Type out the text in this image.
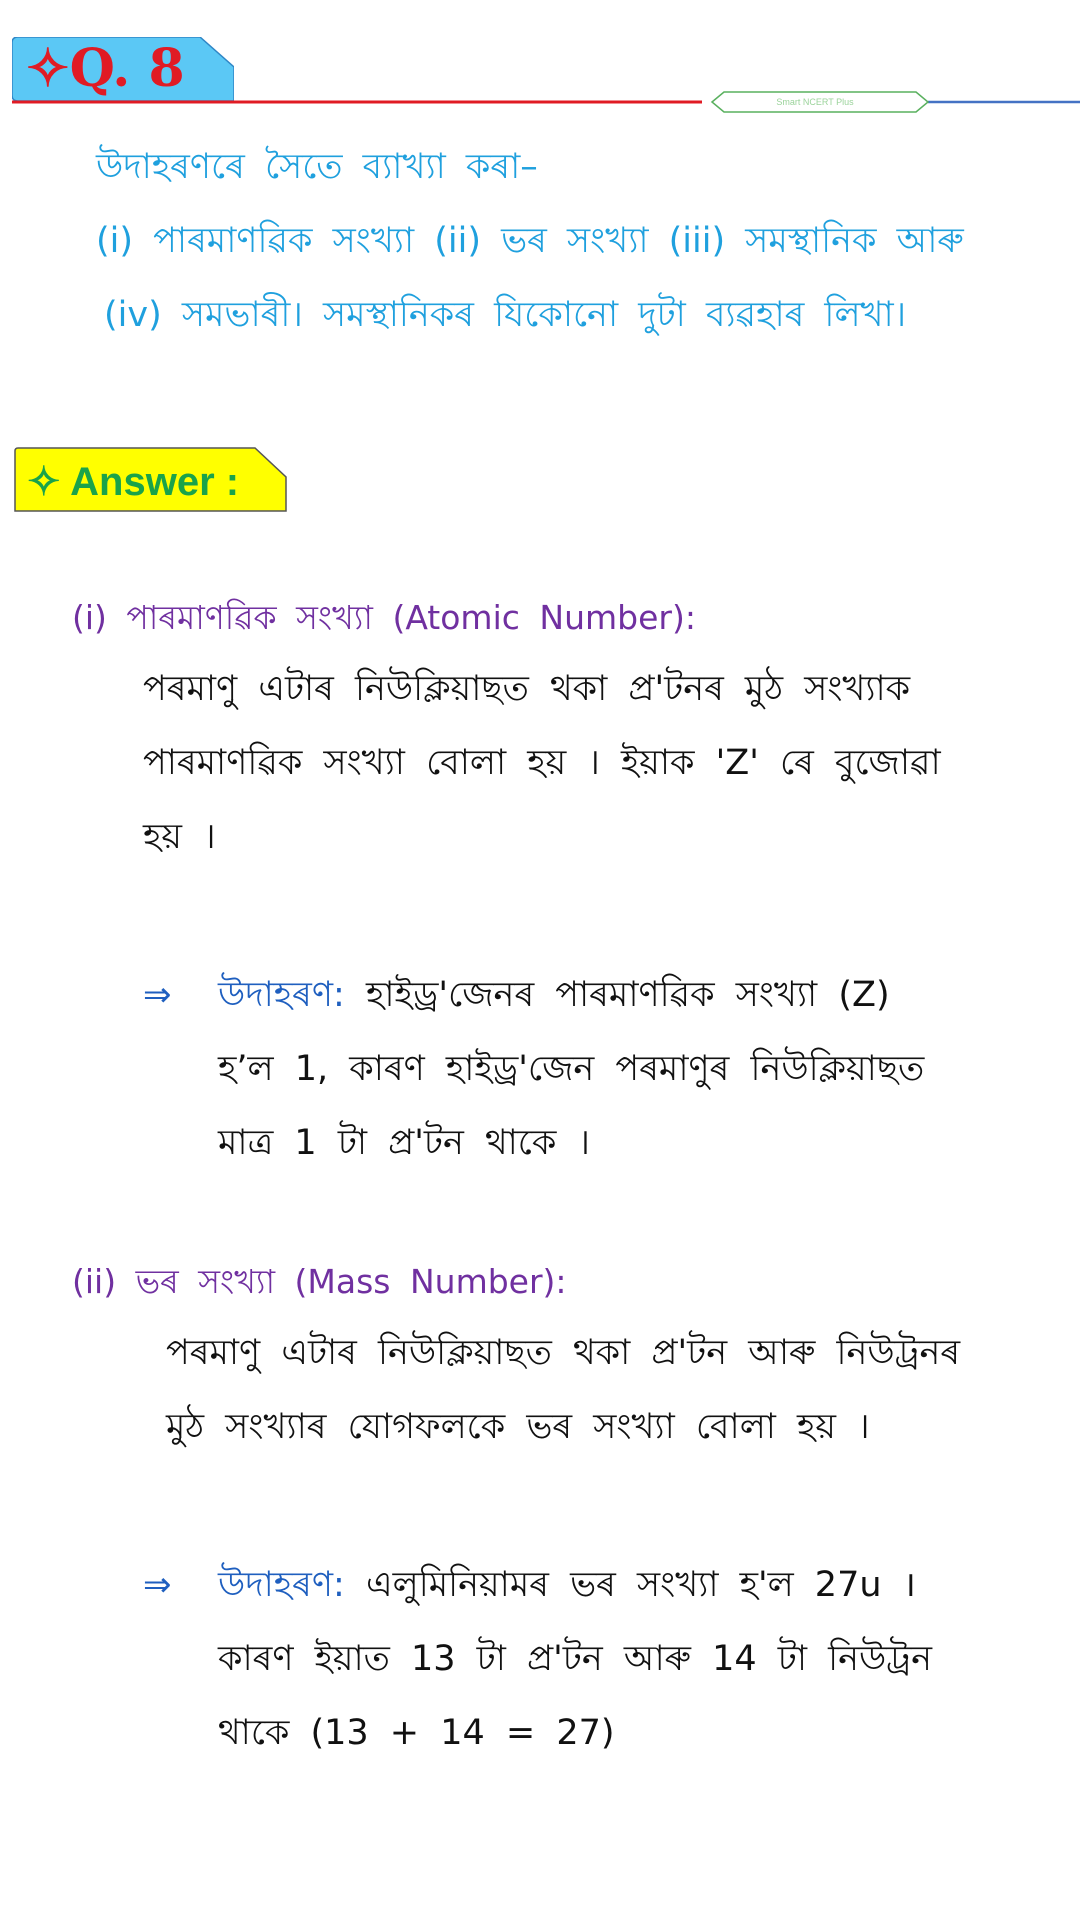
✧Q. 8
Smart NCERT Plus
উদাহৰণৰে সৈতে ব্যাখ্যা কৰা–
(i) পাৰমাণৱিক সংখ্যা (ii) ভৰ সংখ্যা (iii) সমস্থানিক আৰু
(iv) সমভাৰী। সমস্থানিকৰ যিকোনো দুটা ব্যৱহাৰ লিখা।
✧ Answer :
(i) পাৰমাণৱিক সংখ্যা (Atomic Number):
পৰমাণু এটাৰ নিউক্লিয়াছত থকা প্ৰ'টনৰ মুঠ সংখ্যাক
পাৰমাণৱিক সংখ্যা বোলা হয় । ইয়াক 'Z' ৰে বুজোৱা
হয় ।
⇒ উদাহৰণ: হাইড্ৰ'জেনৰ পাৰমাণৱিক সংখ্যা (Z)
হ’ল 1, কাৰণ হাইড্ৰ'জেন পৰমাণুৰ নিউক্লিয়াছত
মাত্ৰ 1 টা প্ৰ'টন থাকে ।
(ii) ভৰ সংখ্যা (Mass Number):
পৰমাণু এটাৰ নিউক্লিয়াছত থকা প্ৰ'টন আৰু নিউট্ৰনৰ
মুঠ সংখ্যাৰ যোগফলকে ভৰ সংখ্যা বোলা হয় ।
⇒ উদাহৰণ: এলুমিনিয়ামৰ ভৰ সংখ্যা হ'ল 27u ।
কাৰণ ইয়াত 13 টা প্ৰ'টন আৰু 14 টা নিউট্ৰন
থাকে (13 + 14 = 27)
